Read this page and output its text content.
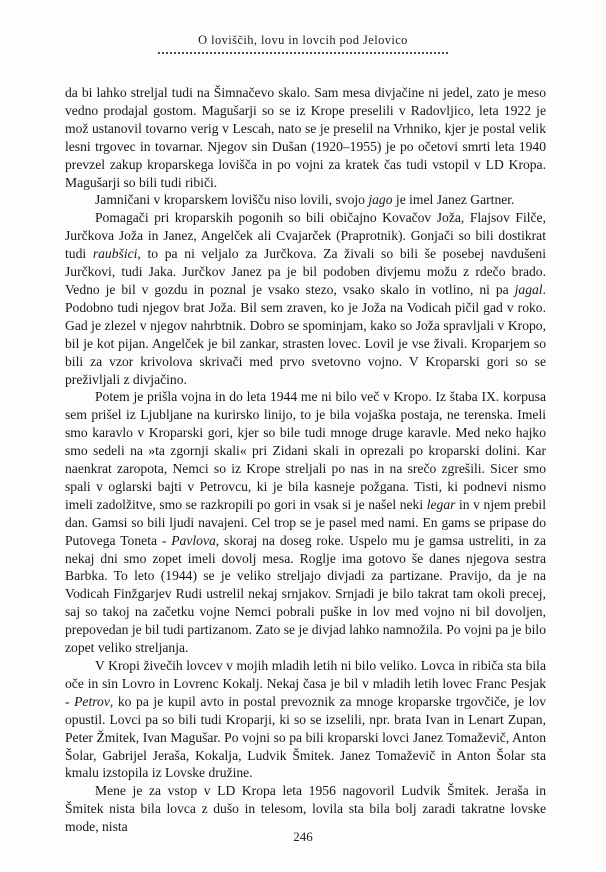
O loviščih, lovu in lovcih pod Jelovico

da bi lahko streljal tudi na Šimnačevo skalo. Sam mesa divjačine ni jedel, zato je meso vedno prodajal gostom. Magušarji so se iz Krope preselili v Radovljico, leta 1922 je mož ustanovil tovarno verig v Lescah, nato se je preselil na Vrhniko, kjer je postal velik lesni trgovec in tovarnar. Njegov sin Dušan (1920–1955) je po očetovi smrti leta 1940 prevzel zakup kroparskega lovišča in po vojni za kratek čas tudi vstopil v LD Kropa. Magušarji so bili tudi ribiči.

Jamničani v kroparskem lovišču niso lovili, svojo jago je imel Janez Gartner.

Pomagači pri kroparskih pogonih so bili običajno Kovačov Joža, Flajsov Filče, Jurčkova Joža in Janez, Angelček ali Cvajarček (Praprotnik). Gonjači so bili dostikrat tudi raubšici, to pa ni veljalo za Jurčkova. Za živali so bili še posebej navdušeni Jurčkovi, tudi Jaka. Jurčkov Janez pa je bil podoben divjemu možu z rdečo brado. Vedno je bil v gozdu in poznal je vsako stezo, vsako skalo in votlino, ni pa jagal. Podobno tudi njegov brat Joža. Bil sem zraven, ko je Joža na Vodicah pičil gad v roko. Gad je zlezel v njegov nahrbtnik. Dobro se spominjam, kako so Joža spravljali v Kropo, bil je kot pijan. Angelček je bil zankar, strasten lovec. Lovil je vse živali. Kroparjem so bili za vzor krivolova skrivači med prvo svetovno vojno. V Kroparski gori so se preživljali z divjačino.

Potem je prišla vojna in do leta 1944 me ni bilo več v Kropo. Iz štaba IX. korpusa sem prišel iz Ljubljane na kurirsko linijo, to je bila vojaška postaja, ne terenska. Imeli smo karavlo v Kroparski gori, kjer so bile tudi mnoge druge karavle. Med neko hajko smo sedeli na »ta zgornji skali« pri Zidani skali in oprezali po kroparski dolini. Kar naenkrat zaropota, Nemci so iz Krope streljali po nas in na srečo zgrešili. Sicer smo spali v oglarski bajti v Petrovcu, ki je bila kasneje požgana. Tisti, ki podnevi nismo imeli zadolžitve, smo se razkropili po gori in vsak si je našel neki legar in v njem prebil dan. Gamsi so bili ljudi navajeni. Cel trop se je pasel med nami. En gams se pripase do Putovega Toneta - Pavlova, skoraj na doseg roke. Uspelo mu je gamsa ustreliti, in za nekaj dni smo zopet imeli dovolj mesa. Roglje ima gotovo še danes njegova sestra Barbka. To leto (1944) se je veliko streljajo divjadi za partizane. Pravijo, da je na Vodicah Finžgarjev Rudi ustrelil nekaj srnjakov. Srnjadi je bilo takrat tam okoli precej, saj so takoj na začetku vojne Nemci pobrali puške in lov med vojno ni bil dovoljen, prepovedan je bil tudi partizanom. Zato se je divjad lahko namnožila. Po vojni pa je bilo zopet veliko streljanja.

V Kropi živečih lovcev v mojih mladih letih ni bilo veliko. Lovca in ribiča sta bila oče in sin Lovro in Lovrenc Kokalj. Nekaj časa je bil v mladih letih lovec Franc Pesjak - Petrov, ko pa je kupil avto in postal prevoznik za mnoge kroparske trgovčiče, je lov opustil. Lovci pa so bili tudi Kroparji, ki so se izselili, npr. brata Ivan in Lenart Zupan, Peter Žmitek, Ivan Magušar. Po vojni so pa bili kroparski lovci Janez Tomaževič, Anton Šolar, Gabrijel Jeraša, Kokalja, Ludvik Šmitek. Janez Tomaževič in Anton Šolar sta kmalu izstopila iz Lovske družine.

Mene je za vstop v LD Kropa leta 1956 nagovoril Ludvik Šmitek. Jeraša in Šmitek nista bila lovca z dušo in telesom, lovila sta bila bolj zaradi takratne lovske mode, nista

246
